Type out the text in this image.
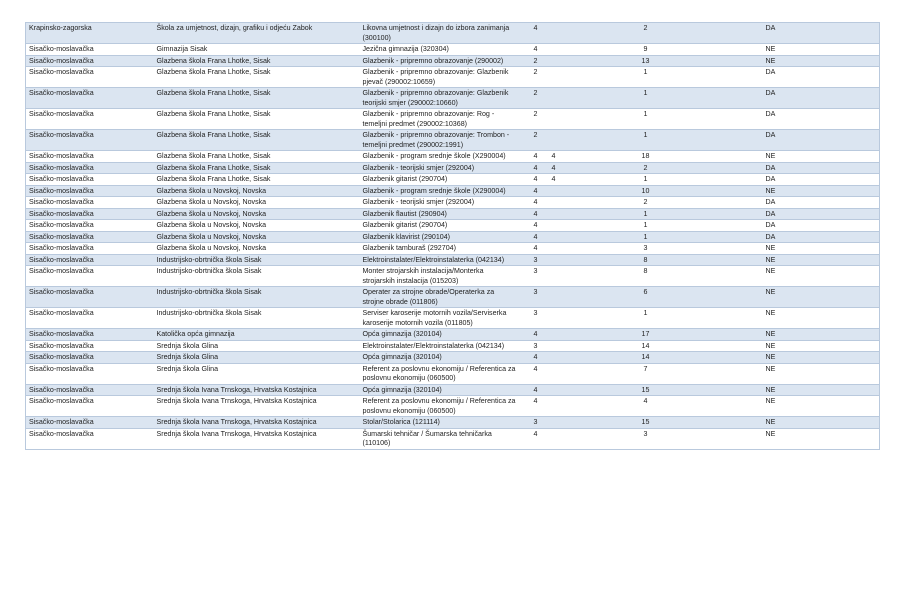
Krapinsko-zagorska	Škola za umjetnost, dizajn, grafiku i odjeću Zabok	Likovna umjetnost i dizajn do izbora zanimanja (300100)	4		2	DA
Sisačko-moslavačka	Gimnazija Sisak	Jezična gimnazija (320304)	4		9	NE
Sisačko-moslavačka	Glazbena škola Frana Lhotke, Sisak	Glazbenik - pripremno obrazovanje (290002)	2		13	NE
Sisačko-moslavačka	Glazbena škola Frana Lhotke, Sisak	Glazbenik - pripremno obrazovanje: Glazbenik pjevač (290002:10659)	2		1	DA
Sisačko-moslavačka	Glazbena škola Frana Lhotke, Sisak	Glazbenik - pripremno obrazovanje: Glazbenik teorijski smjer (290002:10660)	2		1	DA
Sisačko-moslavačka	Glazbena škola Frana Lhotke, Sisak	Glazbenik - pripremno obrazovanje: Rog - temeljni predmet (290002:10368)	2		1	DA
Sisačko-moslavačka	Glazbena škola Frana Lhotke, Sisak	Glazbenik - pripremno obrazovanje: Trombon - temeljni predmet (290002:1991)	2		1	DA
Sisačko-moslavačka	Glazbena škola Frana Lhotke, Sisak	Glazbenik - program srednje škole (X290004)	4	4	18	NE
Sisačko-moslavačka	Glazbena škola Frana Lhotke, Sisak	Glazbenik - teorijski smjer (292004)	4	4	2	DA
Sisačko-moslavačka	Glazbena škola Frana Lhotke, Sisak	Glazbenik gitarist (290704)	4	4	1	DA
Sisačko-moslavačka	Glazbena škola u Novskoj, Novska	Glazbenik - program srednje škole (X290004)	4		10	NE
Sisačko-moslavačka	Glazbena škola u Novskoj, Novska	Glazbenik - teorijski smjer (292004)	4		2	DA
Sisačko-moslavačka	Glazbena škola u Novskoj, Novska	Glazbenik flautist (290904)	4		1	DA
Sisačko-moslavačka	Glazbena škola u Novskoj, Novska	Glazbenik gitarist (290704)	4		1	DA
Sisačko-moslavačka	Glazbena škola u Novskoj, Novska	Glazbenik klavirist (290104)	4		1	DA
Sisačko-moslavačka	Glazbena škola u Novskoj, Novska	Glazbenik tamburaš (292704)	4		3	NE
Sisačko-moslavačka	Industrijsko-obrtnička škola Sisak	Elektroinstalater/Elektroinstalaterka (042134)	3		8	NE
Sisačko-moslavačka	Industrijsko-obrtnička škola Sisak	Monter strojarskih instalacija/Monterka strojarskih instalacija (015203)	3		8	NE
Sisačko-moslavačka	Industrijsko-obrtnička škola Sisak	Operater za strojne obrade/Operaterka za strojne obrade (011806)	3		6	NE
Sisačko-moslavačka	Industrijsko-obrtnička škola Sisak	Serviser karoserije motornih vozila/Serviserka karoserije motornih vozila (011805)	3		1	NE
Sisačko-moslavačka	Katolička opća gimnazija	Opća gimnazija (320104)	4		17	NE
Sisačko-moslavačka	Srednja škola Glina	Elektroinstalater/Elektroinstalaterka (042134)	3		14	NE
Sisačko-moslavačka	Srednja škola Glina	Opća gimnazija (320104)	4		14	NE
Sisačko-moslavačka	Srednja škola Glina	Referent za poslovnu ekonomiju / Referentica za poslovnu ekonomiju (060500)	4		7	NE
Sisačko-moslavačka	Srednja škola Ivana Trnskoga, Hrvatska Kostajnica	Opća gimnazija (320104)	4		15	NE
Sisačko-moslavačka	Srednja škola Ivana Trnskoga, Hrvatska Kostajnica	Referent za poslovnu ekonomiju / Referentica za poslovnu ekonomiju (060500)	4		4	NE
Sisačko-moslavačka	Srednja škola Ivana Trnskoga, Hrvatska Kostajnica	Stolar/Stolarica (121114)	3		15	NE
Sisačko-moslavačka	Srednja škola Ivana Trnskoga, Hrvatska Kostajnica	Šumarski tehničar / Šumarska tehničarka (110106)	4		3	NE
